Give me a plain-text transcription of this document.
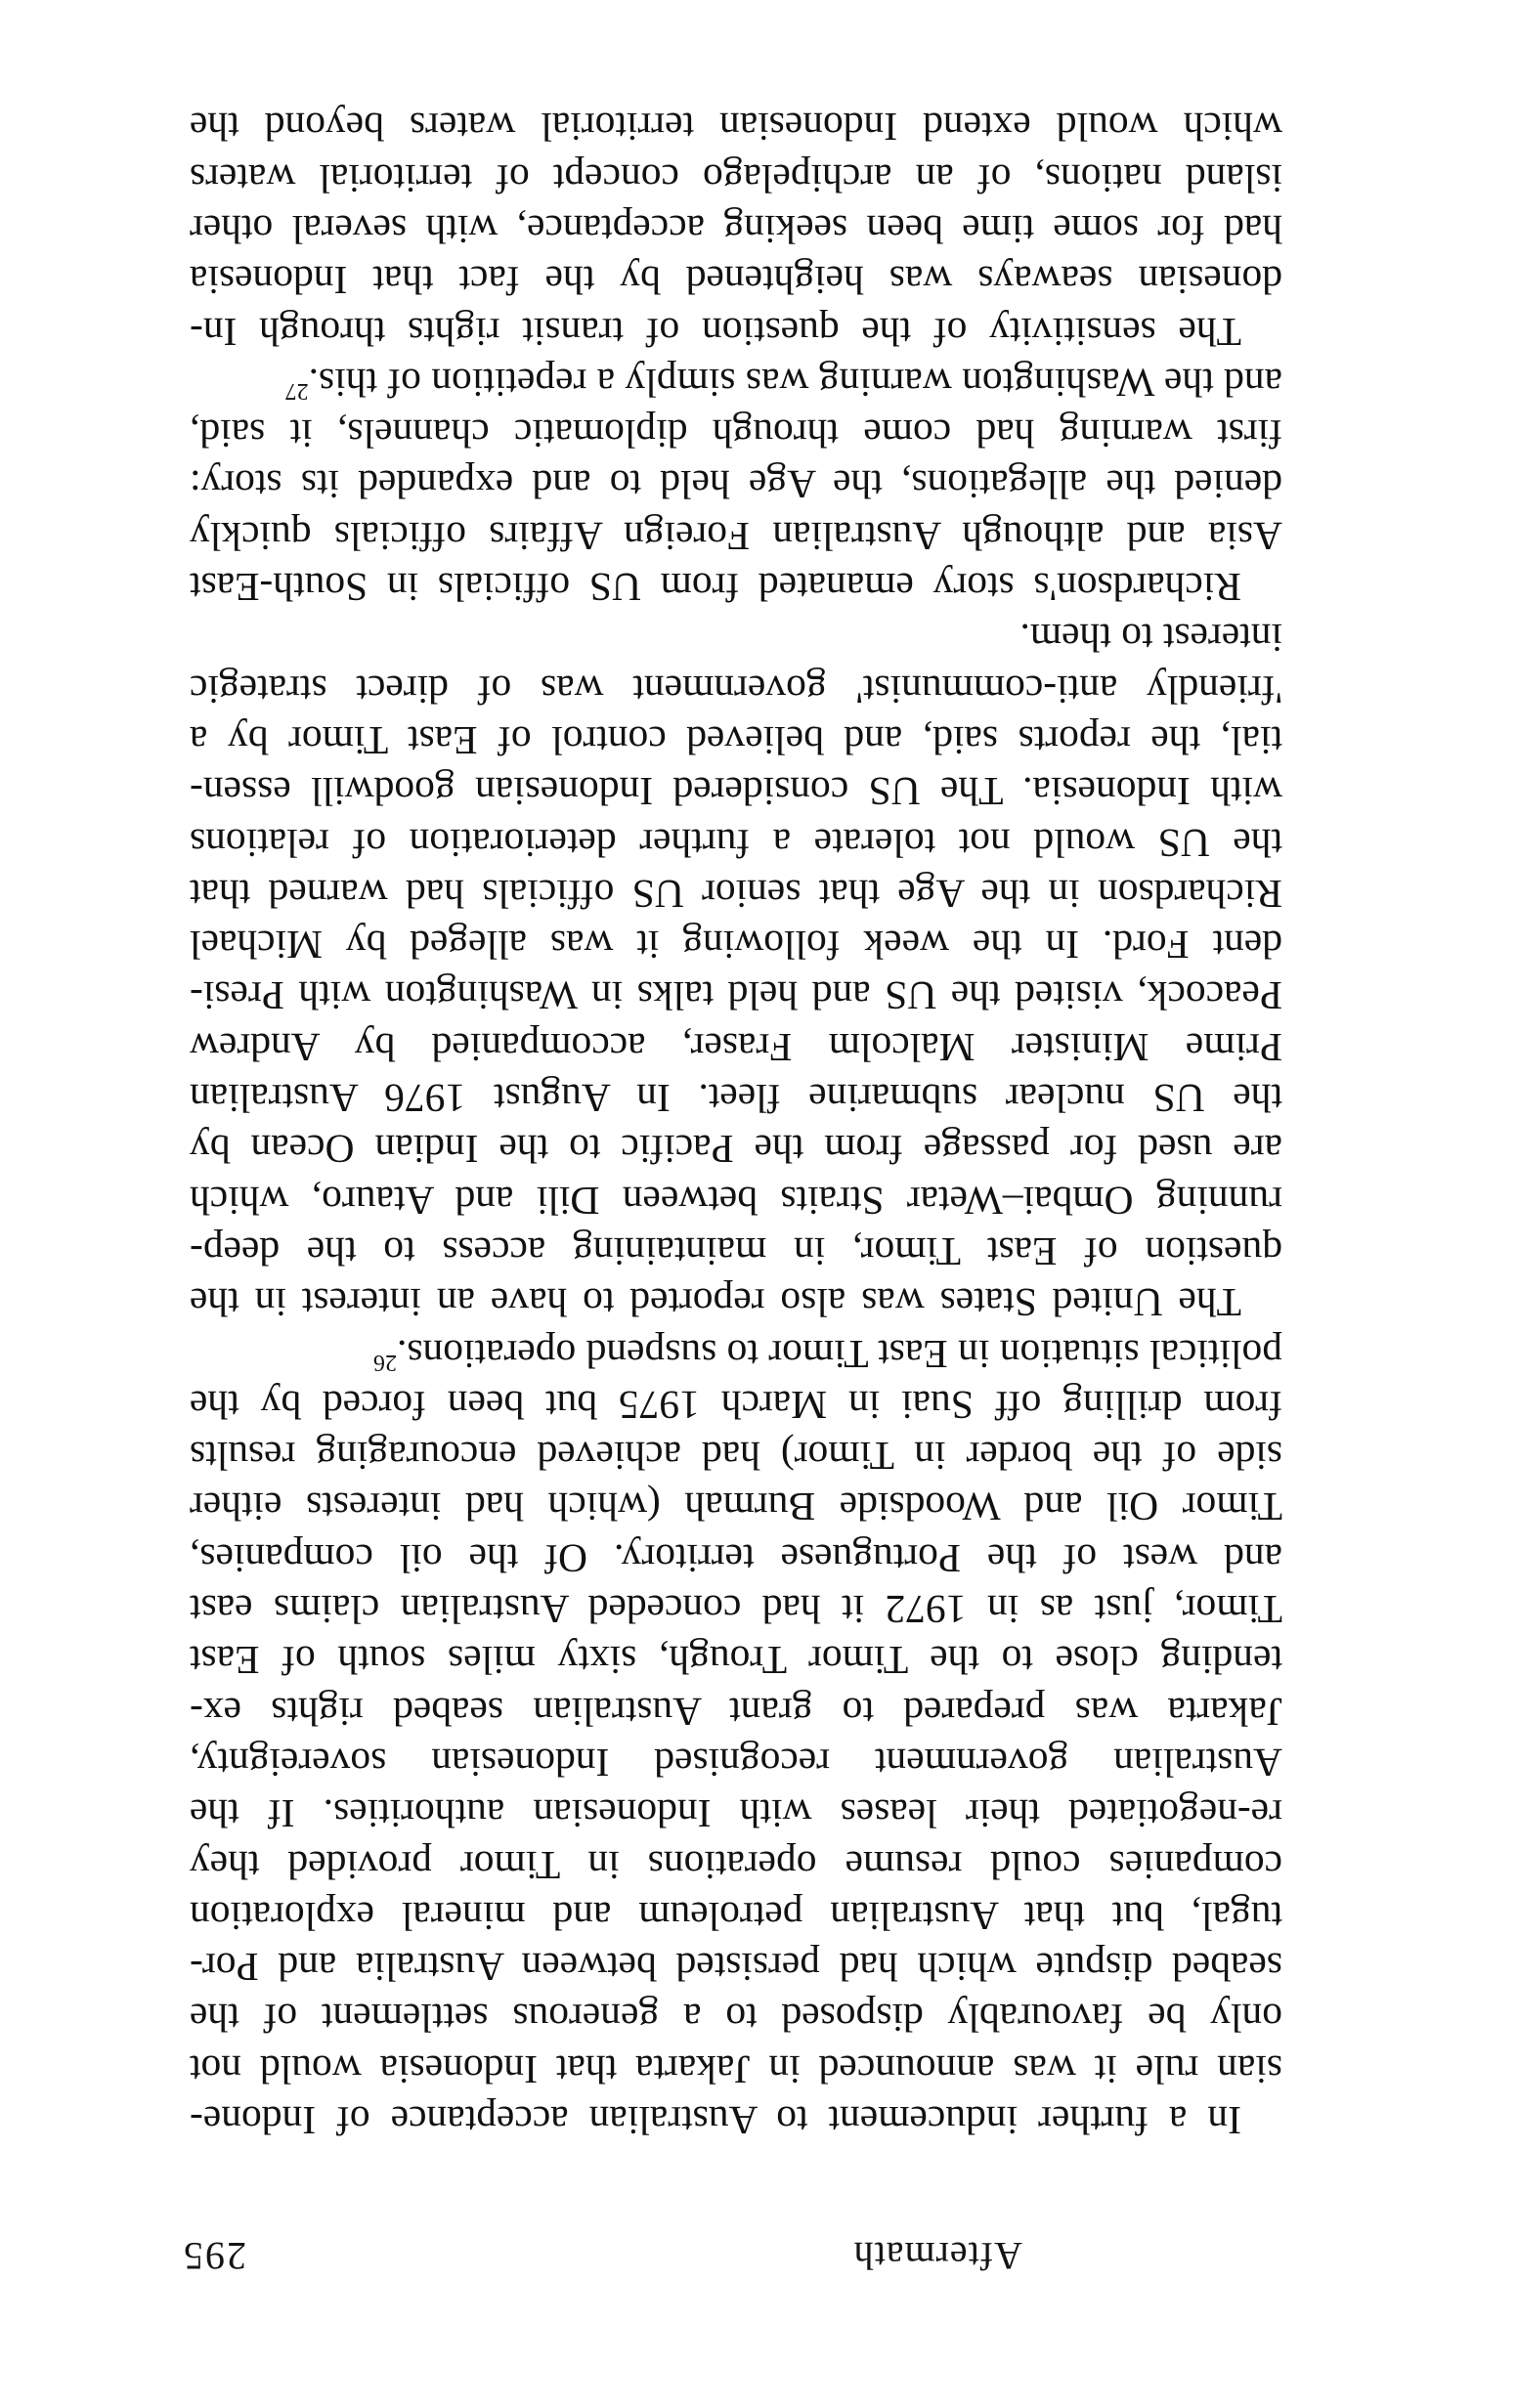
Aftermath
295
In a further inducement to Australian acceptance of Indone-
sian rule it was announced in Jakarta that Indonesia would not
only be favourably disposed to a generous settlement of the
seabed dispute which had persisted between Australia and Por-
tugal, but that Australian petroleum and mineral exploration
companies could resume operations in Timor provided they
re-negotiated their leases with Indonesian authorities. If the
Australian government recognised Indonesian sovereignty,
Jakarta was prepared to grant Australian seabed rights ex-
tending close to the Timor Trough, sixty miles south of East
Timor, just as in 1972 it had conceded Australian claims east
and west of the Portuguese territory. Of the oil companies,
Timor Oil and Woodside Burmah (which had interests either
side of the border in Timor) had achieved encouraging results
from drilling off Suai in March 1975 but been forced by the
political situation in East Timor to suspend operations.$^{26}$
The United States was also reported to have an interest in the
question of East Timor, in maintaining access to the deep-
running Ombai–Wetar Straits between Dili and Atauro, which
are used for passage from the Pacific to the Indian Ocean by
the US nuclear submarine fleet. In August 1976 Australian
Prime Minister Malcolm Fraser, accompanied by Andrew
Peacock, visited the US and held talks in Washington with Presi-
dent Ford. In the week following it was alleged by Michael
Richardson in the Age that senior US officials had warned that
the US would not tolerate a further deterioration of relations
with Indonesia. The US considered Indonesian goodwill essen-
tial, the reports said, and believed control of East Timor by a
'friendly anti-communist' government was of direct strategic
interest to them.
Richardson's story emanated from US officials in South-East
Asia and although Australian Foreign Affairs officials quickly
denied the allegations, the Age held to and expanded its story:
first warning had come through diplomatic channels, it said,
and the Washington warning was simply a repetition of this.$^{27}$
The sensitivity of the question of transit rights through In-
donesian seaways was heightened by the fact that Indonesia
had for some time been seeking acceptance, with several other
island nations, of an archipelago concept of territorial waters
which would extend Indonesian territorial waters beyond the
